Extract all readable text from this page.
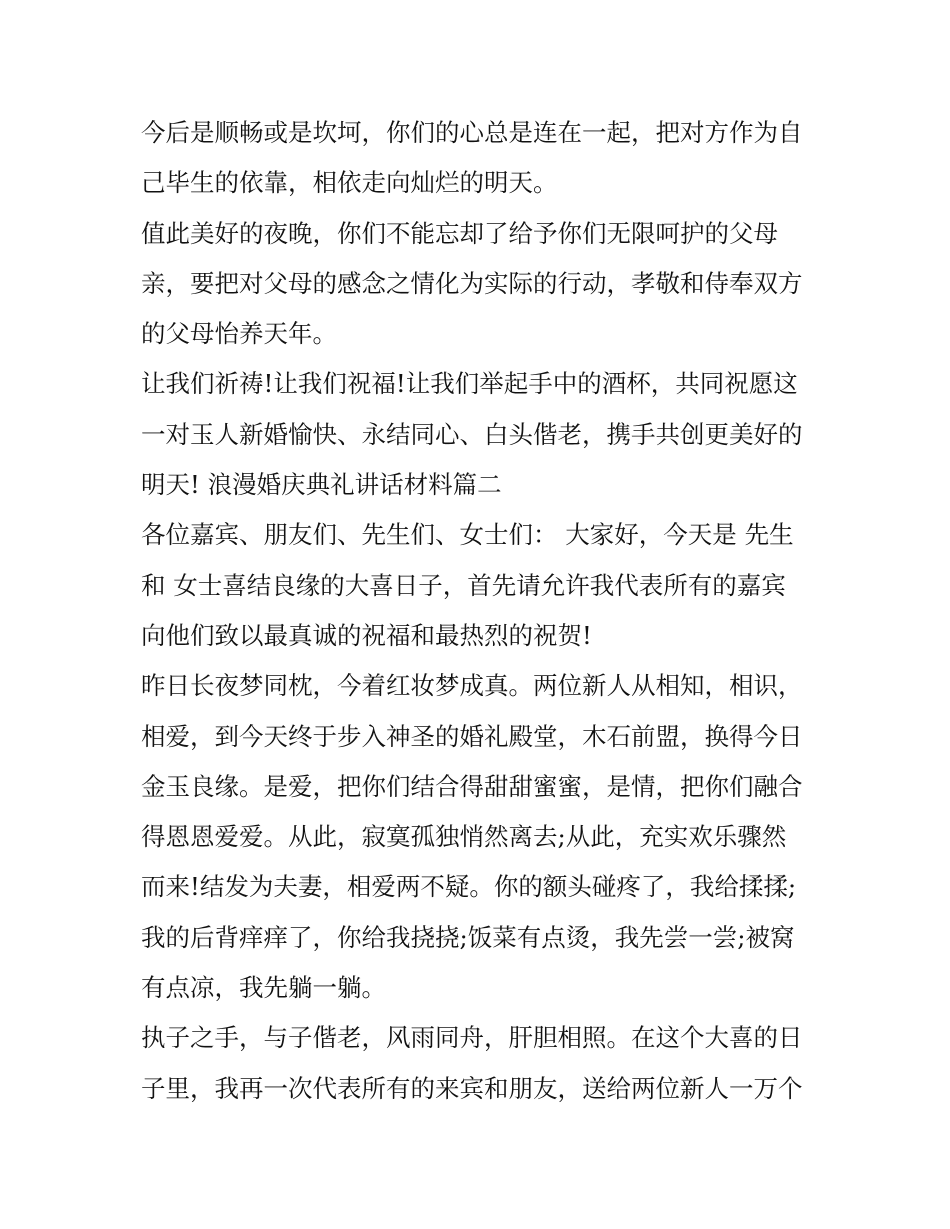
今后是顺畅或是坎坷，你们的心总是连在一起，把对方作为自
己毕生的依靠，相依走向灿烂的明天。
值此美好的夜晚，你们不能忘却了给予你们无限呵护的父母
亲，要把对父母的感念之情化为实际的行动，孝敬和侍奉双方
的父母怡养天年。
让我们祈祷!让我们祝福!让我们举起手中的酒杯，共同祝愿这
一对玉人新婚愉快、永结同心、白头偕老，携手共创更美好的
明天! 浪漫婚庆典礼讲话材料篇二
各位嘉宾、朋友们、先生们、女士们： 大家好，今天是 先生
和 女士喜结良缘的大喜日子，首先请允许我代表所有的嘉宾
向他们致以最真诚的祝福和最热烈的祝贺!
昨日长夜梦同枕，今着红妆梦成真。两位新人从相知，相识，
相爱，到今天终于步入神圣的婚礼殿堂，木石前盟，换得今日
金玉良缘。是爱，把你们结合得甜甜蜜蜜，是情，把你们融合
得恩恩爱爱。从此，寂寞孤独悄然离去;从此，充实欢乐骤然
而来!结发为夫妻，相爱两不疑。你的额头碰疼了，我给揉揉;
我的后背痒痒了，你给我挠挠;饭菜有点烫，我先尝一尝;被窝
有点凉，我先躺一躺。
执子之手，与子偕老，风雨同舟，肝胆相照。在这个大喜的日
子里，我再一次代表所有的来宾和朋友，送给两位新人一万个
